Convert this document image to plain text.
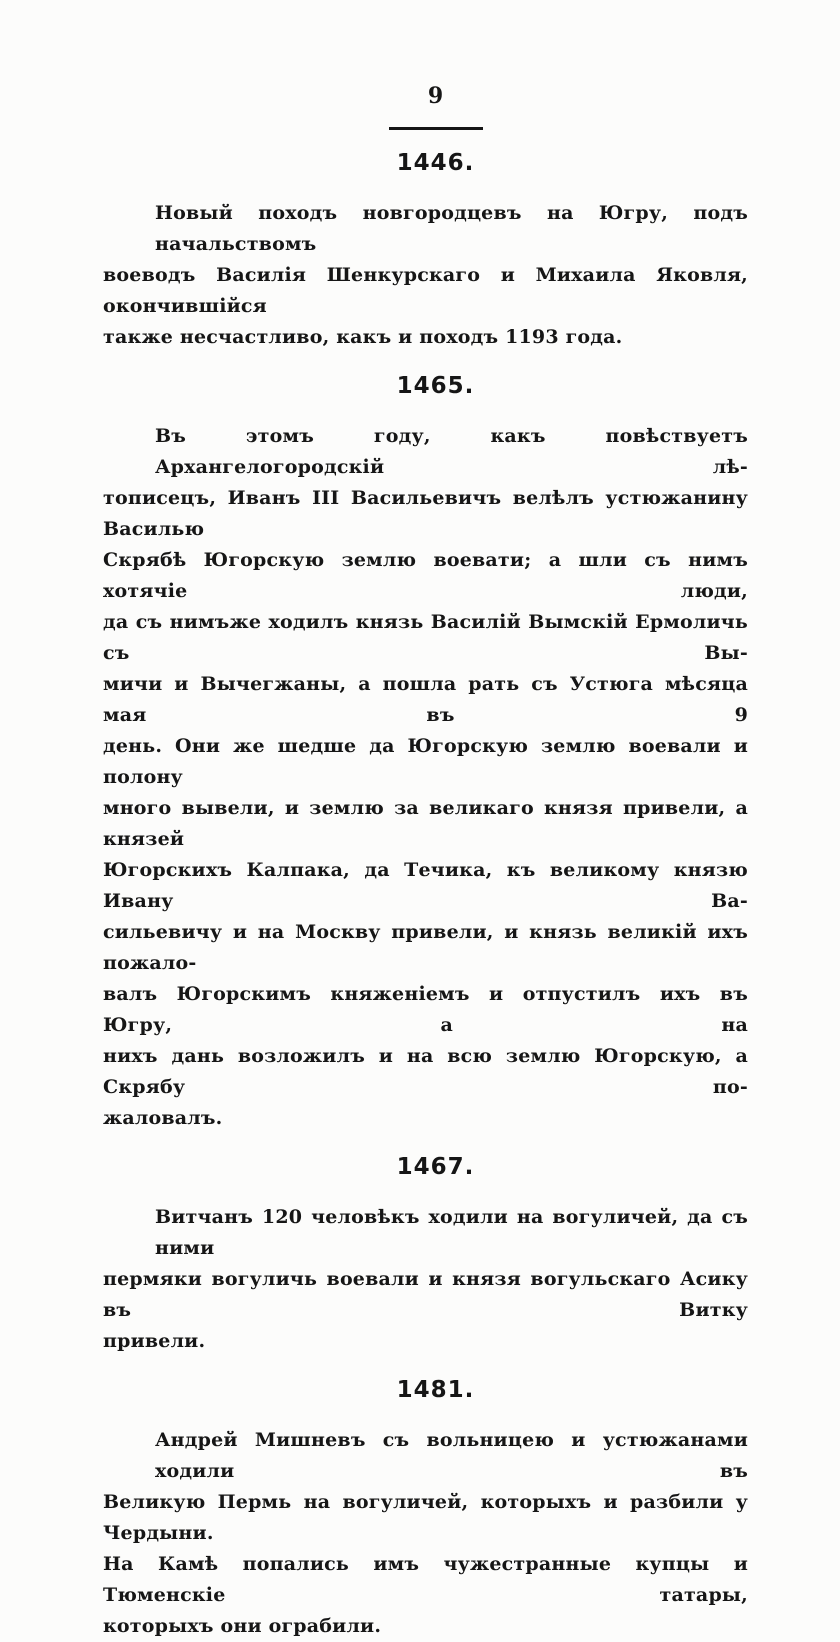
9
1446.
Новый походъ новгородцевъ на Югру, подъ начальствомъ
воеводъ Василія Шенкурскаго и Михаила Яковля, окончившійся
также несчастливо, какъ и походъ 1193 года.
1465.
Въ этомъ году, какъ повѣствуетъ Архангелогородскій лѣ-
тописецъ, Иванъ III Васильевичъ велѣлъ устюжанину Василью
Скрябѣ Югорскую землю воевати; а шли съ нимъ хотячіе люди,
да съ нимъже ходилъ князь Василій Вымскій Ермоличь съ Вы-
мичи и Вычегжаны, а пошла рать съ Устюга мѣсяца мая въ 9
день. Они же шедше да Югорскую землю воевали и полону
много вывели, и землю за великаго князя привели, а князей
Югорскихъ Калпака, да Течика, къ великому князю Ивану Ва-
сильевичу и на Москву привели, и князь великій ихъ пожало-
валъ Югорскимъ княженіемъ и отпустилъ ихъ въ Югру, а на
нихъ дань возложилъ и на всю землю Югорскую, а Скрябу по-
жаловалъ.
1467.
Витчанъ 120 человѣкъ ходили на вогуличей, да съ ними
пермяки вогуличь воевали и князя вогульскаго Асику въ Витку
привели.
1481.
Андрей Мишневъ съ вольницею и устюжанами ходили въ
Великую Пермь на вогуличей, которыхъ и разбили у Чердыни.
На Камѣ попались имъ чужестранные купцы и Тюменскіе татары,
которыхъ они ограбили.
